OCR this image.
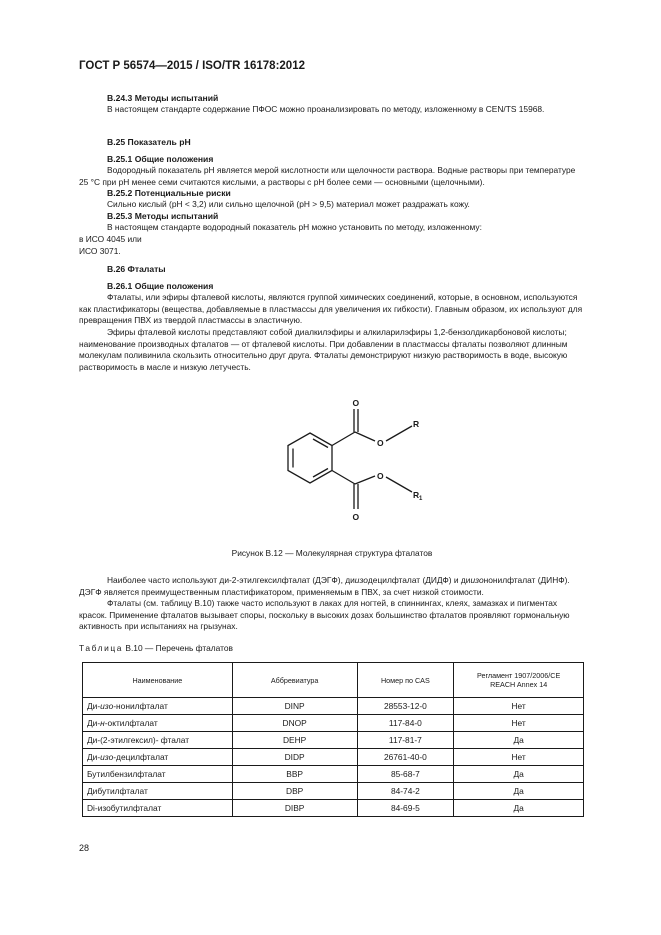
ГОСТ Р 56574—2015 / ISO/TR 16178:2012
В.24.3 Методы испытаний
В настоящем стандарте содержание ПФОС можно проанализировать по методу, изложенному в CEN/TS 15968.
В.25 Показатель рН
В.25.1 Общие положения
Водородный показатель рН является мерой кислотности или щелочности раствора. Водные растворы при температуре 25 °С при рН менее семи считаются кислыми, а растворы с рН более семи — основными (щелочными).
В.25.2 Потенциальные риски
Сильно кислый (рН < 3,2) или сильно щелочной (рН > 9,5) материал может раздражать кожу.
В.25.3 Методы испытаний
В настоящем стандарте водородный показатель рН можно установить по методу, изложенному:
в ИСО 4045 или
ИСО 3071.
В.26 Фталаты
В.26.1 Общие положения
Фталаты, или эфиры фталевой кислоты, являются группой химических соединений, которые, в основном, используются как пластификаторы (вещества, добавляемые в пластмассы для увеличения их гибкости). Главным образом, их используют для превращения ПВХ из твердой пластмассы в эластичную.
Эфиры фталевой кислоты представляют собой диалкилэфиры и алкиларилэфиры 1,2-бензолдикарбоновой кислоты; наименование производных фталатов — от фталевой кислоты. При добавлении в пластмассы фталаты позволяют длинным молекулам поливинила скользить относительно друг друга. Фталаты демонстрируют низкую растворимость в воде, высокую растворимость в масле и низкую летучесть.
O
O
O
O
R
R 1
Рисунок В.12 — Молекулярная структура фталатов
Наиболее часто используют ди-2-этилгексилфталат (ДЭГФ), диизодецилфталат (ДИДФ) и диизононилфталат (ДИНФ). ДЭГФ является преимущественным пластификатором, применяемым в ПВХ, за счет низкой стоимости.
Фталаты (см. таблицу В.10) также часто используют в лаках для ногтей, в спиннингах, клеях, замазках и пигментах красок. Применение фталатов вызывает споры, поскольку в высоких дозах большинство фталатов проявляют гормональную активность при испытаниях на грызунах.
Таблица В.10 — Перечень фталатов
Наименование	Аббревиатура	Номер по CAS	Регламент 1907/2006/CE
REACH Annex 14
Ди-изо-нонилфталат	DINP	28553-12-0	Нет
Ди-н-октилфталат	DNOP	117-84-0	Нет
Ди-(2-этилгексил)- фталат	DEHP	117-81-7	Да
Ди-изо-децилфталат	DIDP	26761-40-0	Нет
Бутилбензилфталат	BBP	85-68-7	Да
Дибутилфталат	DBP	84-74-2	Да
Di-изобутилфталат	DIBP	84-69-5	Да
28
